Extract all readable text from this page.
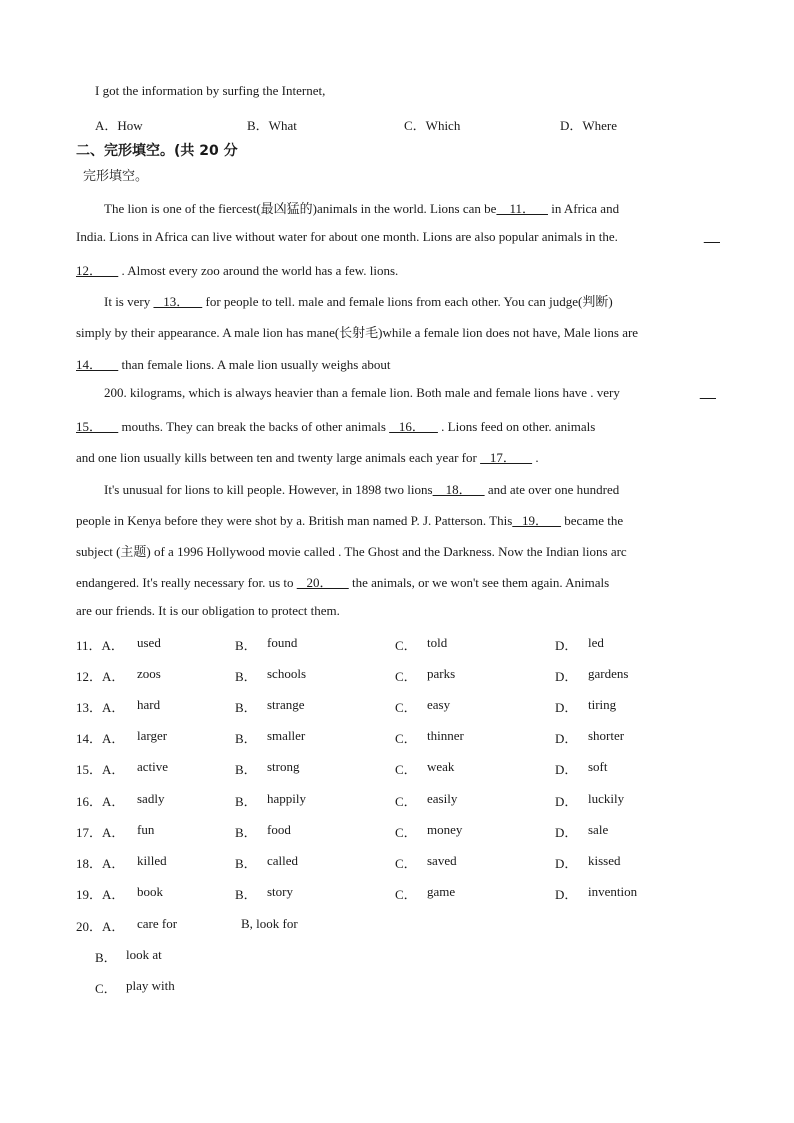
I got the information by surfing the Internet,
A．How	B．What	C．Which	D．Where
二、完形填空。(共 20 分
完形填空。
The lion is one of the fiercest(最凶猛的)animals in the world. Lions can be    11．     in Africa and
India. Lions in Africa can live without water for about one month. Lions are also popular animals in the.

12．      . Almost every zoo around the world has a few. lions.
It is very    13．     for people to tell. male and female lions from each other. You can judge(判断)
simply by their appearance. A male lion has mane(长射毛)while a female lion does not have, Male lions are
14．      than female lions. A male lion usually weighs about
200. kilograms, which is always heavier than a female lion. Both male and female lions have . very

15．      mouths. They can break the backs of other animals    16．     . Lions feed on other. animals
and one lion usually kills between ten and twenty large animals each year for    17．      .
It's unusual for lions to kill people. However, in 1898 two lions    18．     and ate over one hundred
people in Kenya before they were shot by a. British man named P. J. Patterson. This   19．     became the
subject (主题) of a 1996 Hollywood movie called . The Ghost and the Darkness. Now the Indian lions arc
endangered. It's really necessary for. us to    20．      the animals, or we won't see them again. Animals
are our friends. It is our obligation to protect them.
11．A． used	B． found	C． told	D． led
12．A． zoos	B． schools	C． parks	D． gardens
13．A． hard	B． strange	C． easy	D． tiring
14．A． larger	B． smaller	C． thinner	D． shorter
15．A． active	B． strong	C． weak	D． soft
16．A． sadly	B． happily	C． easily	D． luckily
17．A． fun	B． food	C． money	D． sale
18．A． killed	B． called	C． saved	D． kissed
19．A． book	B． story	C． game	D． invention
20．A． care for	B, look for
B． look at
C． play with
